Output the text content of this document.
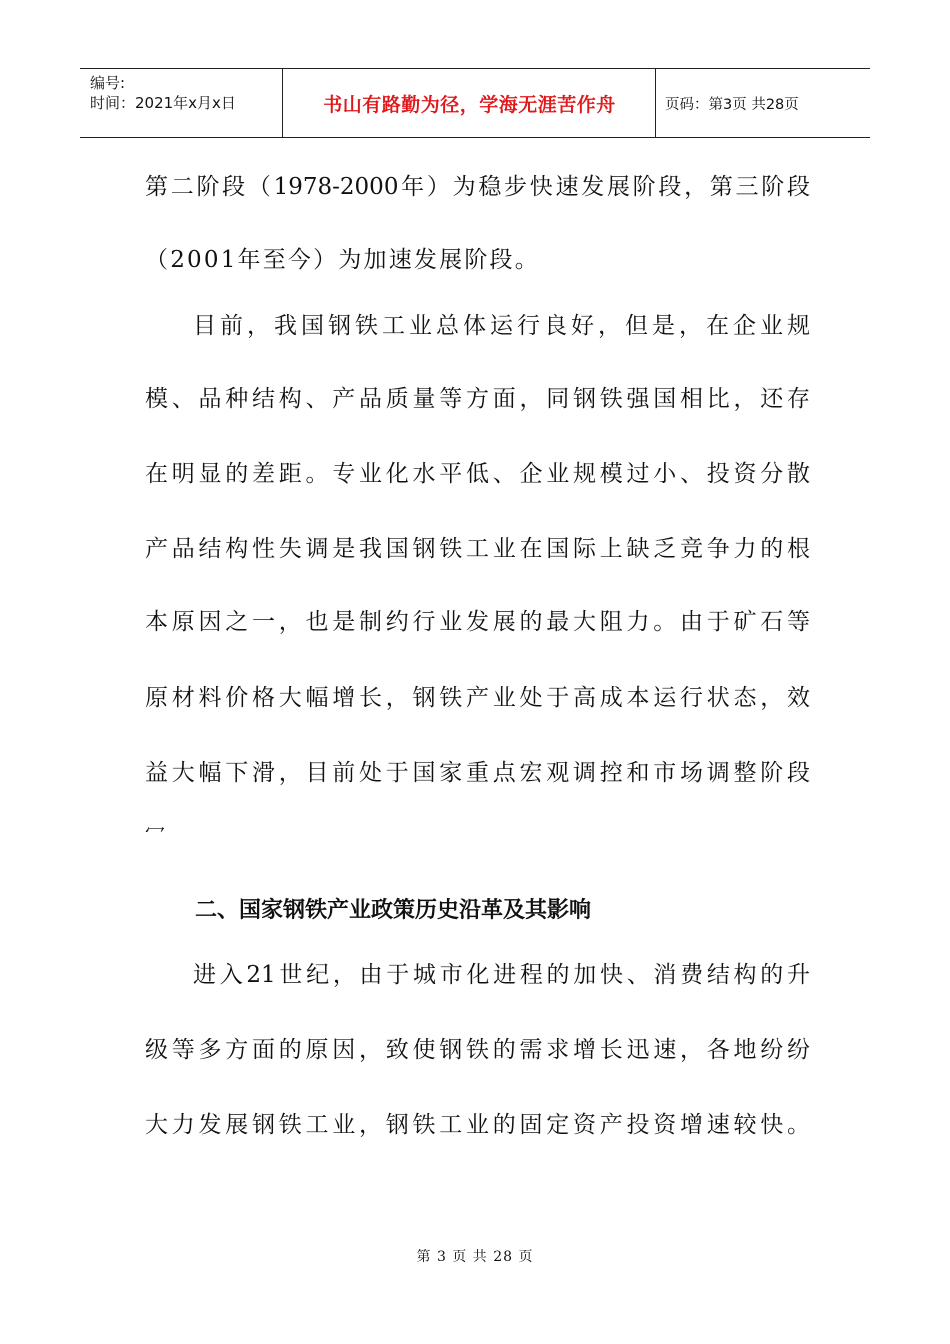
编号:
时间：2021年x月x日	书山有路勤为径，学海无涯苦作舟	页码：第3页 共28页
第二阶段（1978-2000年）为稳步快速发展阶段，第三阶段
（2001年至今）为加速发展阶段。
目前，我国钢铁工业总体运行良好，但是，在企业规
模、品种结构、产品质量等方面，同钢铁强国相比，还存
在明显的差距。专业化水平低、企业规模过小、投资分散
产品结构性失调是我国钢铁工业在国际上缺乏竞争力的根
本原因之一，也是制约行业发展的最大阻力。由于矿石等
原材料价格大幅增长，钢铁产业处于高成本运行状态，效
益大幅下滑，目前处于国家重点宏观调控和市场调整阶段
冖
二、国家钢铁产业政策历史沿革及其影响
进入21世纪，由于城市化进程的加快、消费结构的升
级等多方面的原因，致使钢铁的需求增长迅速，各地纷纷
大力发展钢铁工业，钢铁工业的固定资产投资增速较快。
第 3 页 共 28 页
